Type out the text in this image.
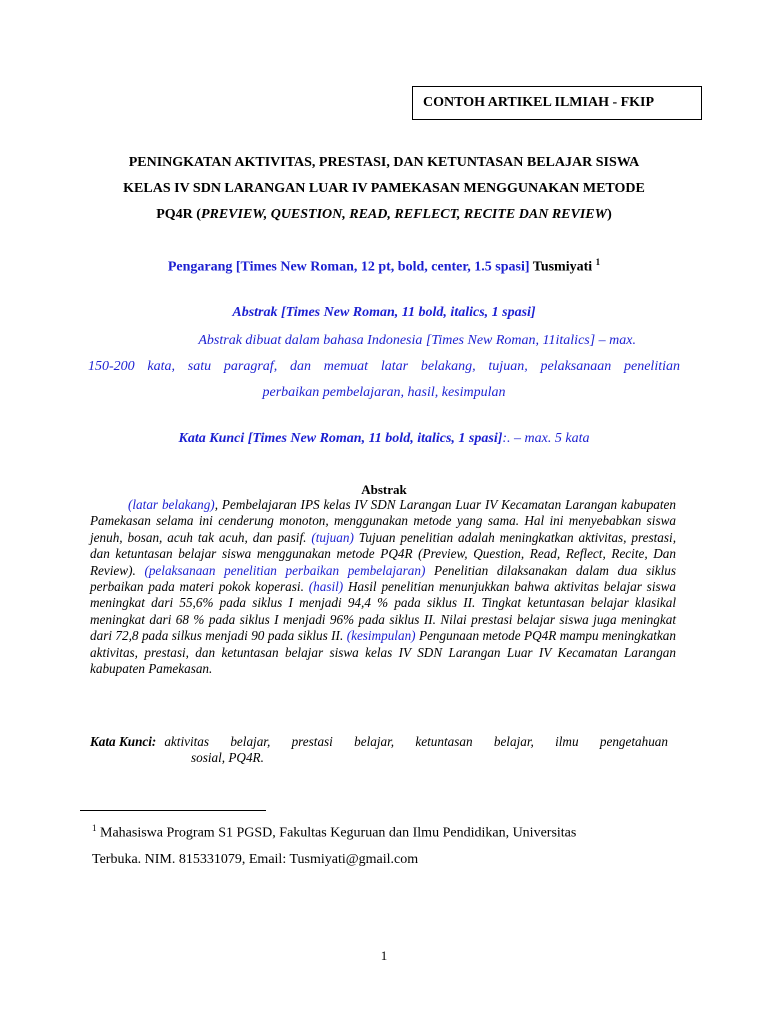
CONTOH ARTIKEL ILMIAH - FKIP
PENINGKATAN AKTIVITAS, PRESTASI, DAN KETUNTASAN BELAJAR SISWA
KELAS IV SDN LARANGAN LUAR IV PAMEKASAN MENGGUNAKAN METODE
PQ4R (PREVIEW, QUESTION, READ, REFLECT, RECITE DAN REVIEW)
Pengarang [Times New Roman, 12 pt, bold, center, 1.5 spasi] Tusmiyati $^1$
Abstrak [Times New Roman, 11 bold, italics, 1 spasi]
Abstrak dibuat dalam bahasa Indonesia [Times New Roman, 11italics] – max.
150-200 kata, satu paragraf, dan memuat latar belakang, tujuan, pelaksanaan penelitian
perbaikan pembelajaran, hasil, kesimpulan
Kata Kunci [Times New Roman, 11 bold, italics, 1 spasi]:. – max. 5 kata
Abstrak

(latar belakang), Pembelajaran IPS kelas IV SDN Larangan Luar IV Kecamatan Larangan kabupaten Pamekasan selama ini cenderung monoton, menggunakan metode yang sama. Hal ini menyebabkan siswa jenuh, bosan, acuh tak acuh, dan pasif. (tujuan) Tujuan penelitian adalah meningkatkan aktivitas, prestasi, dan ketuntasan belajar siswa menggunakan metode PQ4R (Preview, Question, Read, Reflect, Recite, Dan Review). (pelaksanaan penelitian perbaikan pembelajaran) Penelitian dilaksanakan dalam dua siklus perbaikan pada materi pokok koperasi. (hasil) Hasil penelitian menunjukkan bahwa aktivitas belajar siswa meningkat dari 55,6% pada siklus I menjadi 94,4 % pada siklus II. Tingkat ketuntasan belajar klasikal meningkat dari 68 % pada siklus I menjadi 96% pada siklus II. Nilai prestasi belajar siswa juga meningkat dari 72,8 pada silkus menjadi 90 pada siklus II. (kesimpulan) Pengunaan metode PQ4R mampu meningkatkan aktivitas, prestasi, dan ketuntasan belajar siswa kelas IV SDN Larangan Luar IV Kecamatan Larangan kabupaten Pamekasan.

Kata Kunci: aktivitas belajar, prestasi belajar, ketuntasan belajar, ilmu pengetahuan
sosial, PQ4R.
$^1$ Mahasiswa Program S1 PGSD, Fakultas Keguruan dan Ilmu Pendidikan, Universitas
Terbuka. NIM. 815331079, Email: Tusmiyati@gmail.com
1
